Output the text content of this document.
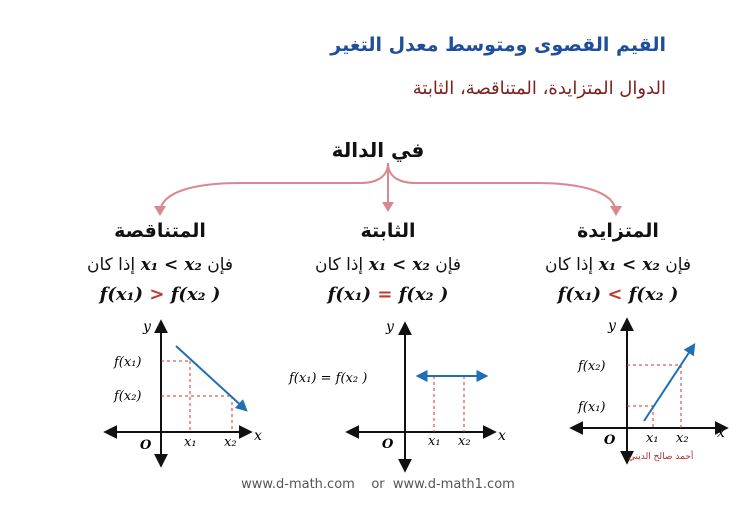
القيم القصوى ومتوسط معدل التغير
الدوال المتزايدة، المتناقصة، الثابتة
في الدالة
المتناقصة
إذا كان x₁ < x₂ فإن
f(x₁) > f(x₂ )
الثابتة
إذا كان x₁ < x₂ فإن
f(x₁) = f(x₂ )
المتزايدة
إذا كان x₁ < x₂ فإن
f(x₁) < f(x₂ )
y
x
O
f(x₁)
f(x₂)
x₁ x₂
y
x
O
f(x₁) = f(x₂ )
x₁ x₂
y
x
O
f(x₂)
f(x₁)
x₁ x₂
أحمد صالح الديني
www.d-math.com    or  www.d-math1.com
